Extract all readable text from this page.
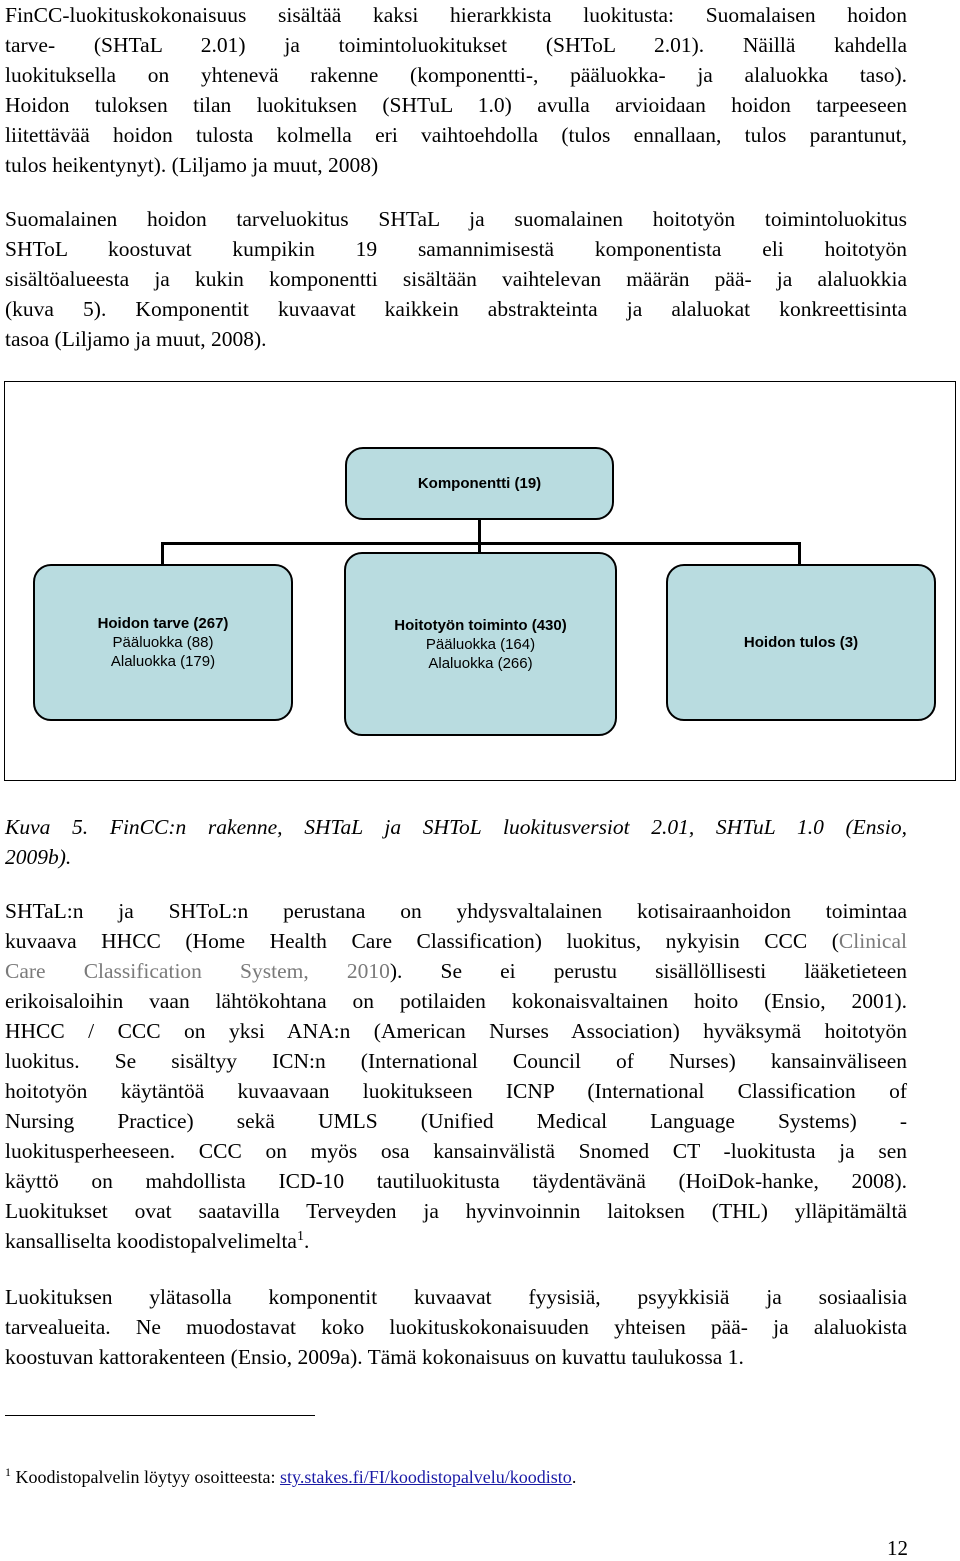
FinCC-luokituskokonaisuus sisältää kaksi hierarkkista luokitusta: Suomalaisen hoidon
tarve- (SHTaL 2.01) ja toimintoluokitukset (SHToL 2.01). Näillä kahdella
luokituksella on yhtenevä rakenne (komponentti-, pääluokka- ja alaluokka taso).
Hoidon tuloksen tilan luokituksen (SHTuL 1.0) avulla arvioidaan hoidon tarpeeseen
liitettävää hoidon tulosta kolmella eri vaihtoehdolla (tulos ennallaan, tulos parantunut,
tulos heikentynyt). (Liljamo ja muut, 2008)
Suomalainen hoidon tarveluokitus SHTaL ja suomalainen hoitotyön toimintoluokitus
SHToL koostuvat kumpikin 19 samannimisestä komponentista eli hoitotyön
sisältöalueesta ja kukin komponentti sisältään vaihtelevan määrän pää- ja alaluokkia
(kuva 5). Komponentit kuvaavat kaikkein abstrakteinta ja alaluokat konkreettisinta
tasoa (Liljamo ja muut, 2008).
Komponentti (19)
Hoidon tarve (267)
Pääluokka (88)
Alaluokka (179)
Hoitotyön toiminto (430)
Pääluokka (164)
Alaluokka (266)
Hoidon tulos (3)
Kuva 5. FinCC:n rakenne, SHTaL ja SHToL luokitusversiot 2.01, SHTuL 1.0 (Ensio,
2009b).
SHTaL:n ja SHToL:n perustana on yhdysvaltalainen kotisairaanhoidon toimintaa
kuvaava HHCC (Home Health Care Classification) luokitus, nykyisin CCC (Clinical
Care Classification System, 2010). Se ei perustu sisällöllisesti lääketieteen
erikoisaloihin vaan lähtökohtana on potilaiden kokonaisvaltainen hoito (Ensio, 2001).
HHCC / CCC on yksi ANA:n (American Nurses Association) hyväksymä hoitotyön
luokitus. Se sisältyy ICN:n (International Council of Nurses) kansainväliseen
hoitotyön käytäntöä kuvaavaan luokitukseen ICNP (International Classification of
Nursing Practice) sekä UMLS (Unified Medical Language Systems) -
luokitusperheeseen. CCC on myös osa kansainvälistä Snomed CT -luokitusta ja sen
käyttö on mahdollista ICD-10 tautiluokitusta täydentävänä (HoiDok-hanke, 2008).
Luokitukset ovat saatavilla Terveyden ja hyvinvoinnin laitoksen (THL) ylläpitämältä
kansalliselta koodistopalvelimelta$^1$.
Luokituksen ylätasolla komponentit kuvaavat fyysisiä, psyykkisiä ja sosiaalisia
tarvealueita. Ne muodostavat koko luokituskokonaisuuden yhteisen pää- ja alaluokista
koostuvan kattorakenteen (Ensio, 2009a). Tämä kokonaisuus on kuvattu taulukossa 1.
$^1$ Koodistopalvelin löytyy osoitteesta: sty.stakes.fi/FI/koodistopalvelu/koodisto.
12
